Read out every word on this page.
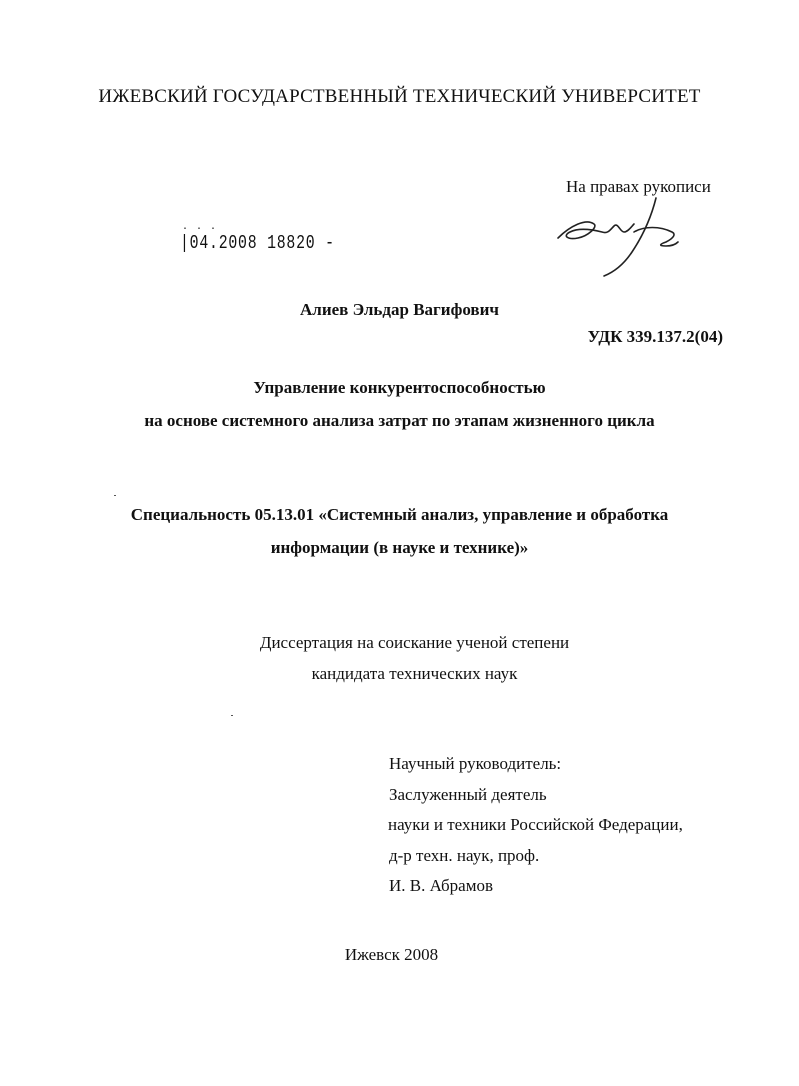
ИЖЕВСКИЙ ГОСУДАРСТВЕННЫЙ ТЕХНИЧЕСКИЙ УНИВЕРСИТЕТ
На правах рукописи
. . .
|04.2008 18820 -
Алиев Эльдар Вагифович
УДК 339.137.2(04)
Управление конкурентоспособностью
на основе системного анализа затрат по этапам жизненного цикла
Специальность 05.13.01 «Системный анализ, управление и обработка
информации (в науке и технике)»
Диссертация на соискание ученой степени
кандидата технических наук
Научный руководитель:
Заслуженный деятель
науки и техники Российской Федерации,
д-р техн. наук, проф.
И. В. Абрамов
Ижевск 2008
